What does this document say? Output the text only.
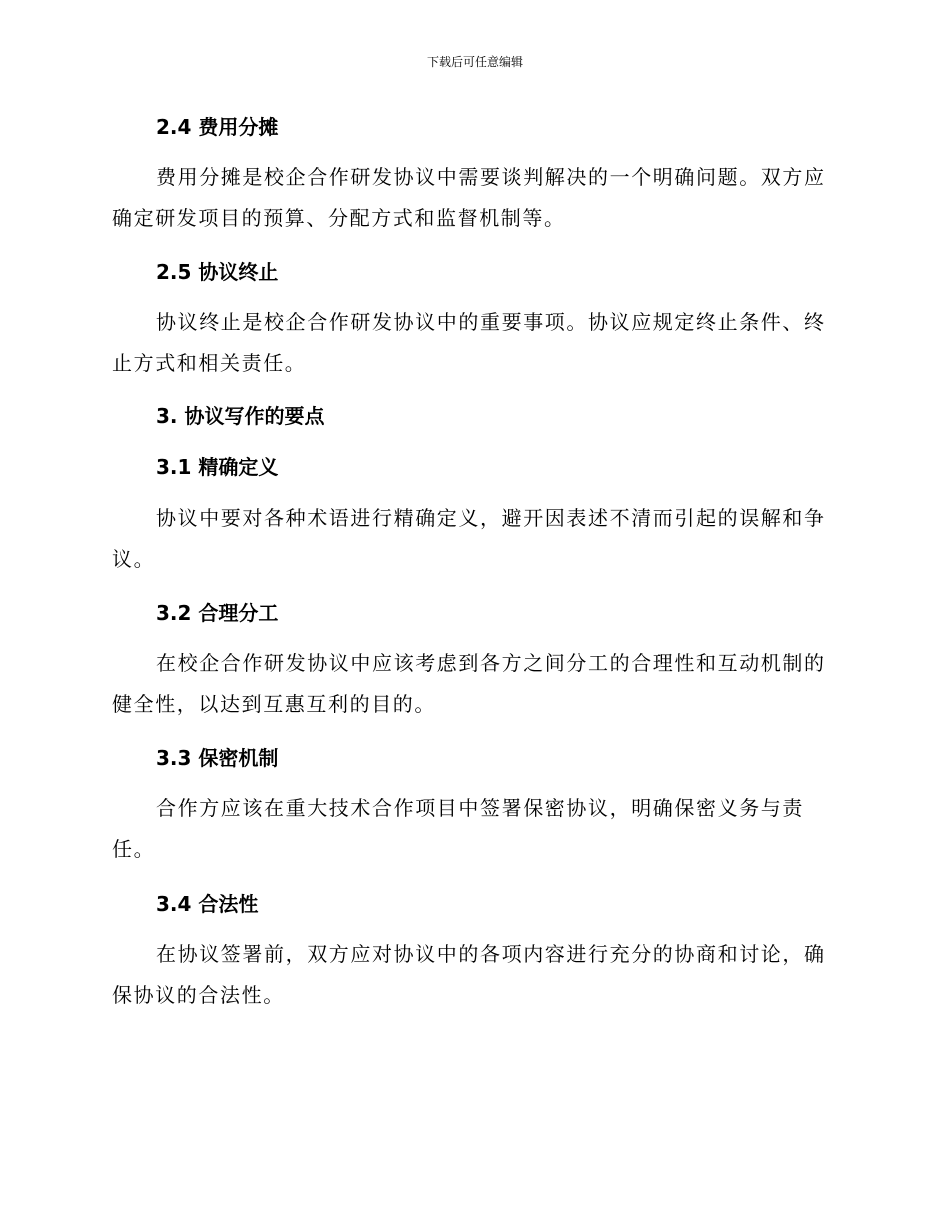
下载后可任意编辑
2.4 费用分摊

费用分摊是校企合作研发协议中需要谈判解决的一个明确问题。双方应确定研发项目的预算、分配方式和监督机制等。

2.5 协议终止

协议终止是校企合作研发协议中的重要事项。协议应规定终止条件、终止方式和相关责任。

3. 协议写作的要点
3.1 精确定义

协议中要对各种术语进行精确定义，避开因表述不清而引起的误解和争议。

3.2 合理分工

在校企合作研发协议中应该考虑到各方之间分工的合理性和互动机制的健全性，以达到互惠互利的目的。

3.3 保密机制

合作方应该在重大技术合作项目中签署保密协议，明确保密义务与责任。

3.4 合法性

在协议签署前，双方应对协议中的各项内容进行充分的协商和讨论，确保协议的合法性。
